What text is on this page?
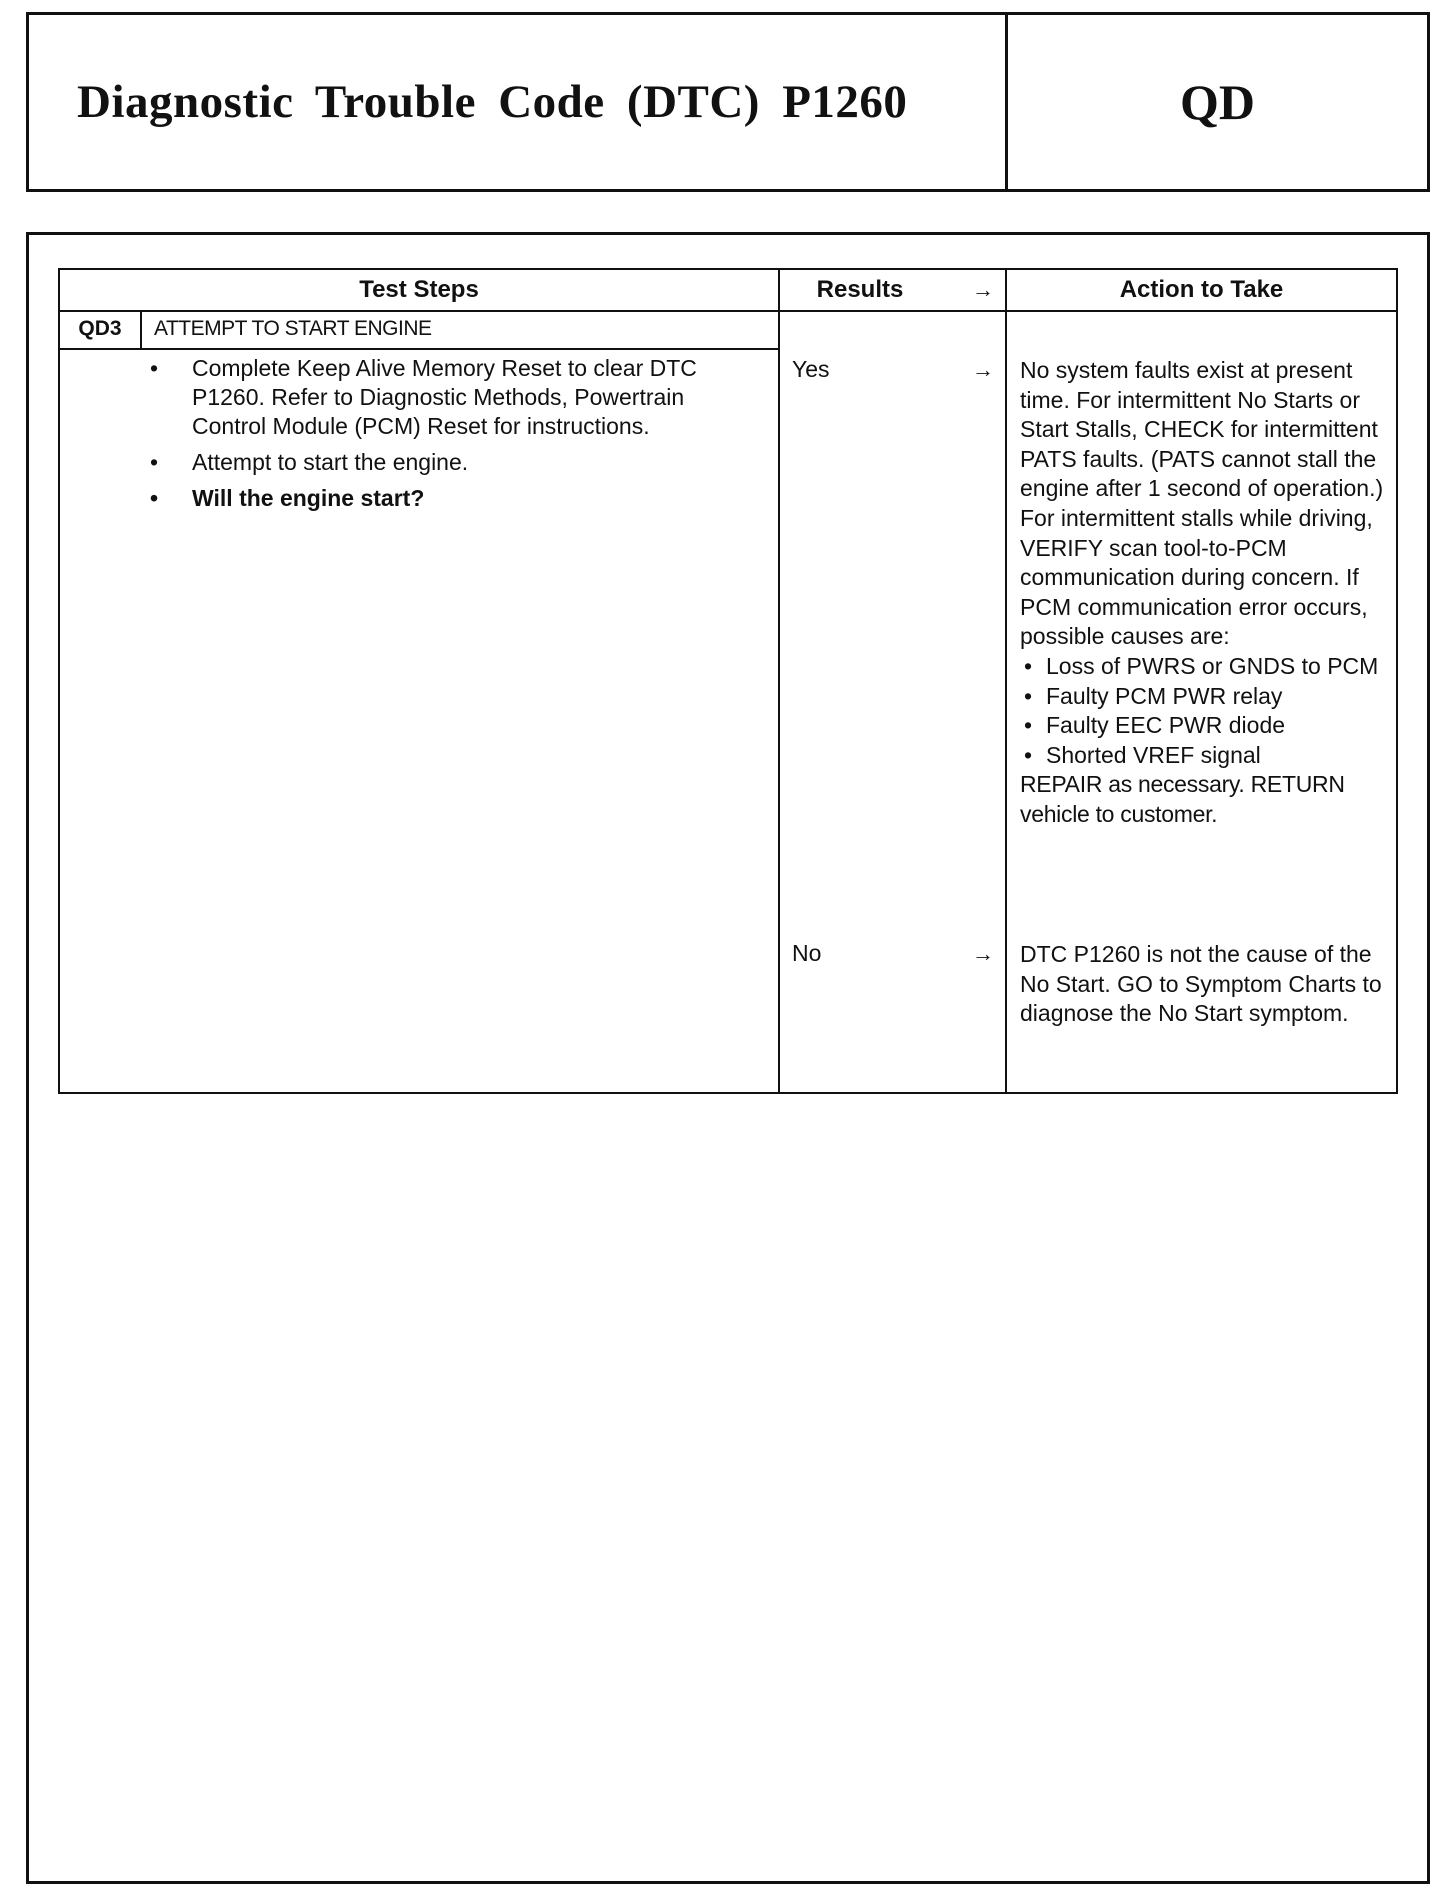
Diagnostic Trouble Code (DTC) P1260	QD
Test Steps	Results	→	Action to Take
QD3	ATTEMPT TO START ENGINE
• Complete Keep Alive Memory Reset to clear DTC P1260. Refer to Diagnostic Methods, Powertrain Control Module (PCM) Reset for instructions.
• Attempt to start the engine.
• Will the engine start?
Yes	→ No system faults exist at present time. For intermittent No Starts or Start Stalls, CHECK for intermittent PATS faults. (PATS cannot stall the engine after 1 second of operation.) For intermittent stalls while driving, VERIFY scan tool-to-PCM communication during concern. If PCM communication error occurs, possible causes are:

• Loss of PWRS or GNDS to PCM
• Faulty PCM PWR relay
• Faulty EEC PWR diode
• Shorted VREF signal

REPAIR as necessary. RETURN vehicle to customer.

No	→ DTC P1260 is not the cause of the No Start. GO to Symptom Charts to diagnose the No Start symptom.
